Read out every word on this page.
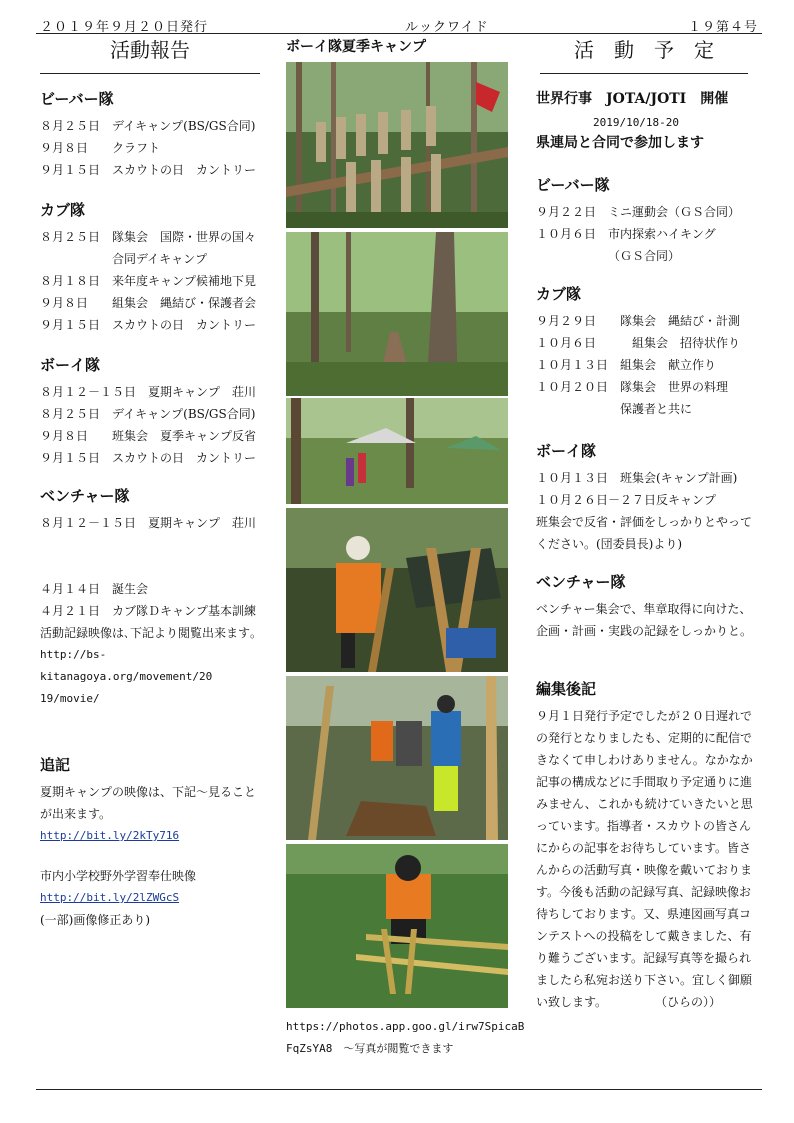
２０１９年９月２０日発行	ルックワイド	１９第４号
活動報告	ボーイ隊夏季キャンプ	活　動　予　定
ビーバー隊
８月２５日 デイキャンプ(BS/GS合同)
９月８日	クラフト
９月１５日 スカウトの日　カントリー
カブ隊
８月２５日 隊集会　国際・世界の国々
合同デイキャンプ
８月１８日 来年度キャンプ候補地下見
９月８日	組集会　縄結び・保護者会
９月１５日 スカウトの日　カントリー
ボーイ隊
８月１２－１５日 夏期キャンプ　荘川
８月２５日 デイキャンプ(BS/GS合同)
９月８日	班集会　夏季キャンプ反省
９月１５日 スカウトの日　カントリー
ベンチャー隊
８月１２－１５日 夏期キャンプ　荘川
４月１４日 誕生会
４月２１日 カブ隊Ｄキャンプ基本訓練
活動記録映像は､下記より閲覧出来ます｡
http://bs-kitanagoya.org/movement/20
19/movie/
追記
夏期キャンプの映像は、下記～見ること
が出来ます。
http://bit.ly/2kTy716
市内小学校野外学習奉仕映像
http://bit.ly/2lZWGcS
(一部)画像修正あり)
https://photos.app.goo.gl/irw7SpicaB
FqZsYA8　～写真が閲覧できます
世界行事　JOTA/JOTI　開催
2019/10/18-20
県連局と合同で参加します
ビーバー隊
９月２２日 ミニ運動会（ＧＳ合同）
１０月６日 市内探索ハイキング
（ＧＳ合同）
カブ隊
９月２９日	隊集会　縄結び・計測
１０月６日	　組集会　招待状作り
１０月１３日 組集会　献立作り
１０月２０日 隊集会　世界の料理
保護者と共に
ボーイ隊
１０月１３日 班集会(キャンプ計画)
１０月２６日－２７日 反キャンプ
班集会で反省・評価をしっかりとやって
ください。(団委員長)より)
ベンチャー隊
ベンチャー集会で、隼章取得に向けた、
企画・計画・実践の記録をしっかりと。
編集後記
９月１日発行予定でしたが２０日遅れで
の発行となりましたも、定期的に配信で
きなくて申しわけありません。なかなか
記事の構成などに手間取り予定通りに進
みません、これかも続けていきたいと思
っています。指導者・スカウトの皆さん
にからの記事をお待ちしています。皆さ
んからの活動写真・映像を戴いておりま
す。今後も活動の記録写真、記録映像お
待ちしております。又、県連図画写真コ
ンテストへの投稿をして戴きました、有
り難うございます。記録写真等を撮られ
ましたら私宛お送り下さい。宜しく御願
い致します。　　　　　（ひらの））
